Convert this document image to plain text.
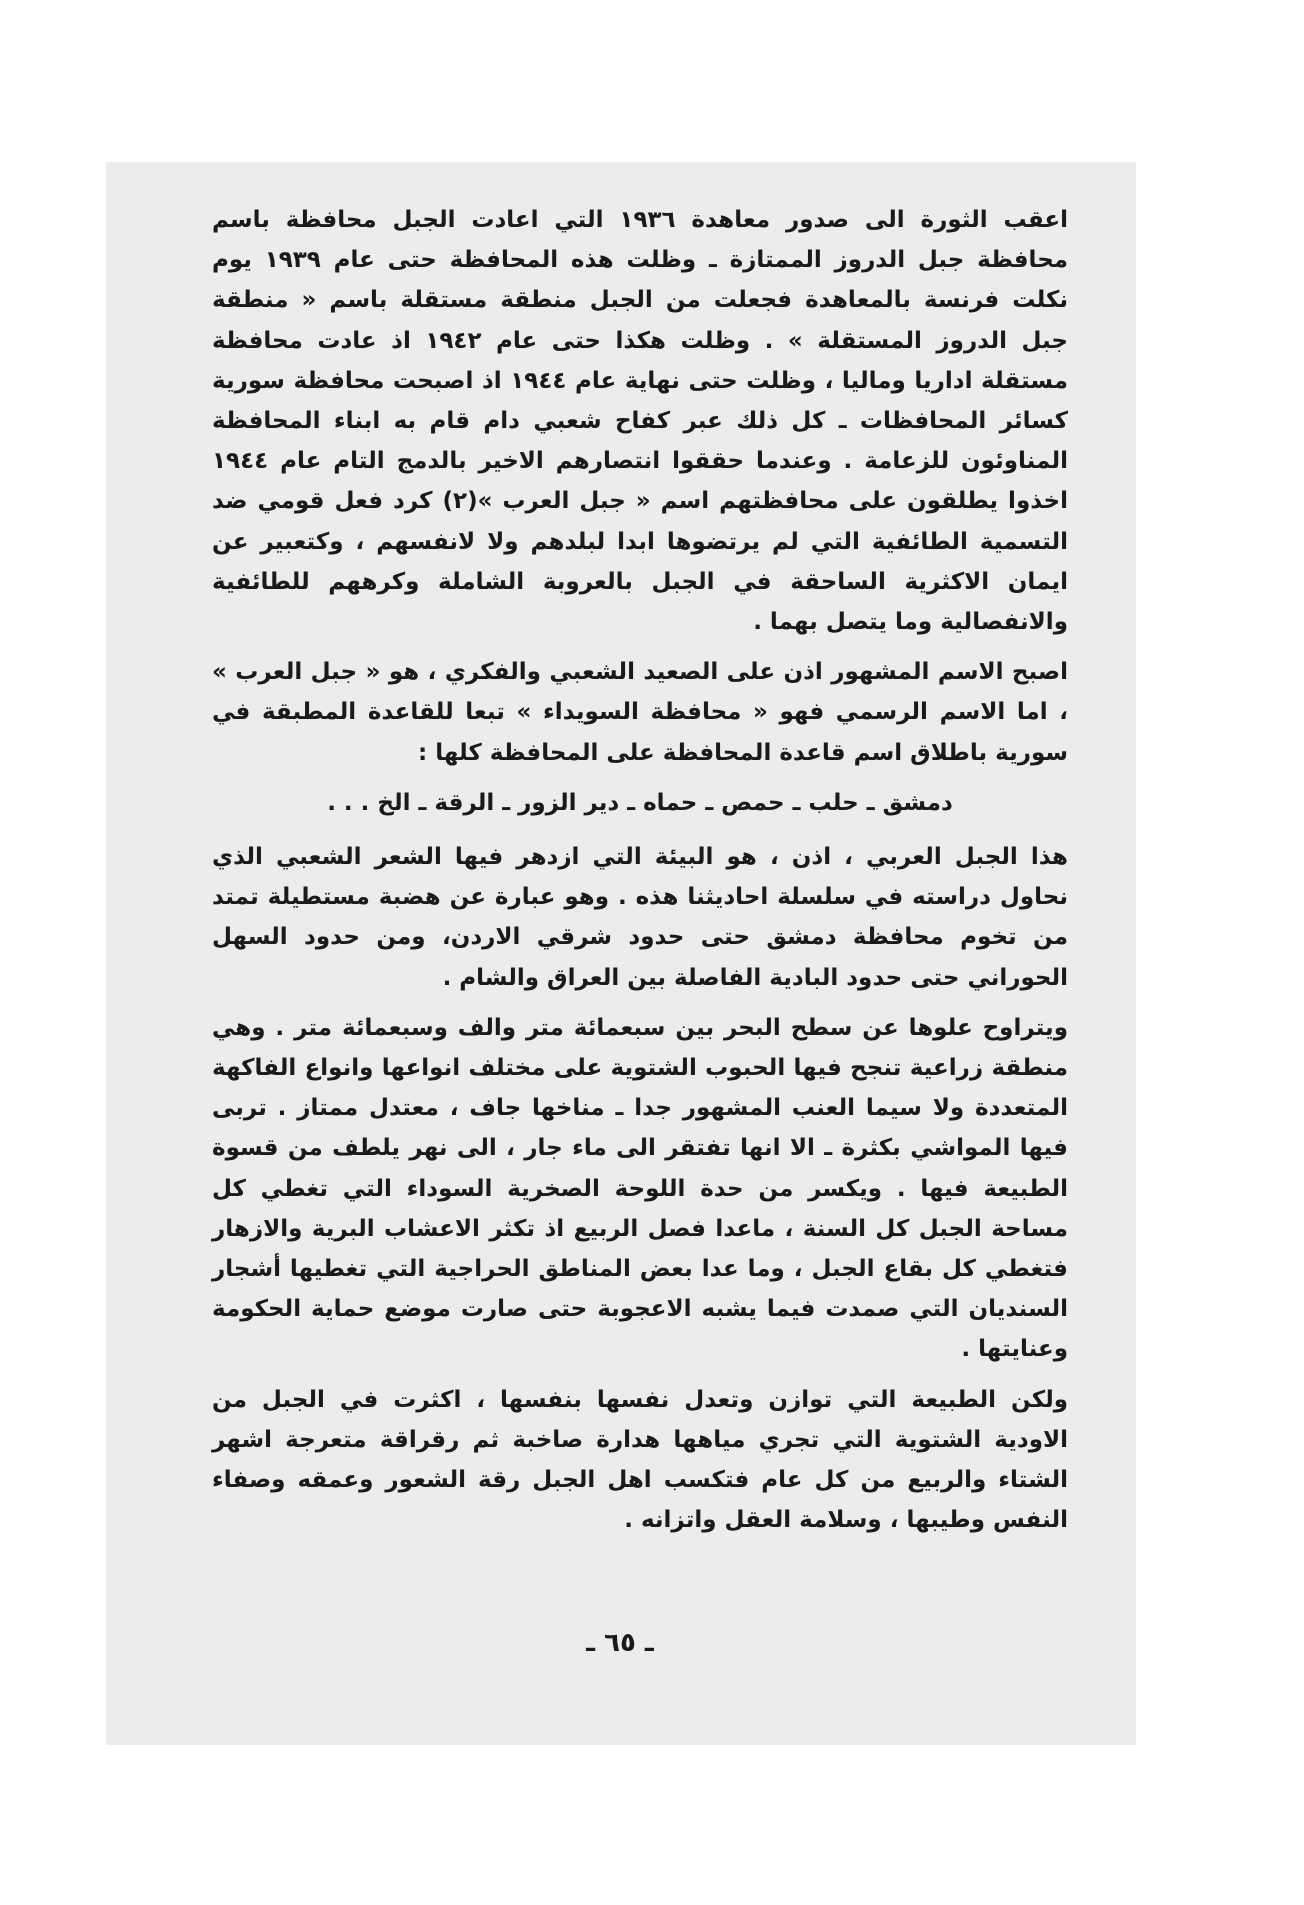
اعقب الثورة الى صدور معاهدة ١٩٣٦ التي اعادت الجبل محافظة باسم محافظة جبل الدروز الممتازة ـ وظلت هذه المحافظة حتى عام ١٩٣٩ يوم نكلت فرنسة بالمعاهدة فجعلت من الجبل منطقة مستقلة باسم « منطقة جبل الدروز المستقلة » . وظلت هكذا حتى عام ١٩٤٢ اذ عادت محافظة مستقلة اداريا وماليا ، وظلت حتى نهاية عام ١٩٤٤ اذ اصبحت محافظة سورية كسائر المحافظات ـ كل ذلك عبر كفاح شعبي دام قام به ابناء المحافظة المناوئون للزعامة . وعندما حققوا انتصارهم الاخير بالدمج التام عام ١٩٤٤ اخذوا يطلقون على محافظتهم اسم « جبل العرب »(٢) كرد فعل قومي ضد التسمية الطائفية التي لم يرتضوها ابدا لبلدهم ولا لانفسهم ، وكتعبير عن ايمان الاكثرية الساحقة في الجبل بالعروبة الشاملة وكرههم للطائفية والانفصالية وما يتصل بهما .

اصبح الاسم المشهور اذن على الصعيد الشعبي والفكري ، هو « جبل العرب » ، اما الاسم الرسمي فهو « محافظة السويداء » تبعا للقاعدة المطبقة في سورية باطلاق اسم قاعدة المحافظة على المحافظة كلها :

دمشق ـ حلب ـ حمص ـ حماه ـ دير الزور ـ الرقة ـ الخ . . .

هذا الجبل العربي ، اذن ، هو البيئة التي ازدهر فيها الشعر الشعبي الذي نحاول دراسته في سلسلة احاديثنا هذه . وهو عبارة عن هضبة مستطيلة تمتد من تخوم محافظة دمشق حتى حدود شرقي الاردن، ومن حدود السهل الحوراني حتى حدود البادية الفاصلة بين العراق والشام .

ويتراوح علوها عن سطح البحر بين سبعمائة متر والف وسبعمائة متر . وهي منطقة زراعية تنجح فيها الحبوب الشتوية على مختلف انواعها وانواع الفاكهة المتعددة ولا سيما العنب المشهور جدا ـ مناخها جاف ، معتدل ممتاز . تربى فيها المواشي بكثرة ـ الا انها تفتقر الى ماء جار ، الى نهر يلطف من قسوة الطبيعة فيها . ويكسر من حدة اللوحة الصخرية السوداء التي تغطي كل مساحة الجبل كل السنة ، ماعدا فصل الربيع اذ تكثر الاعشاب البرية والازهار فتغطي كل بقاع الجبل ، وما عدا بعض المناطق الحراجية التي تغطيها أشجار السنديان التي صمدت فيما يشبه الاعجوبة حتى صارت موضع حماية الحكومة وعنايتها .

ولكن الطبيعة التي توازن وتعدل نفسها بنفسها ، اكثرت في الجبل من الاودية الشتوية التي تجري مياهها هدارة صاخبة ثم رقراقة متعرجة اشهر الشتاء والربيع من كل عام فتكسب اهل الجبل رقة الشعور وعمقه وصفاء النفس وطيبها ، وسلامة العقل واتزانه .

ـ ٦٥ ـ
